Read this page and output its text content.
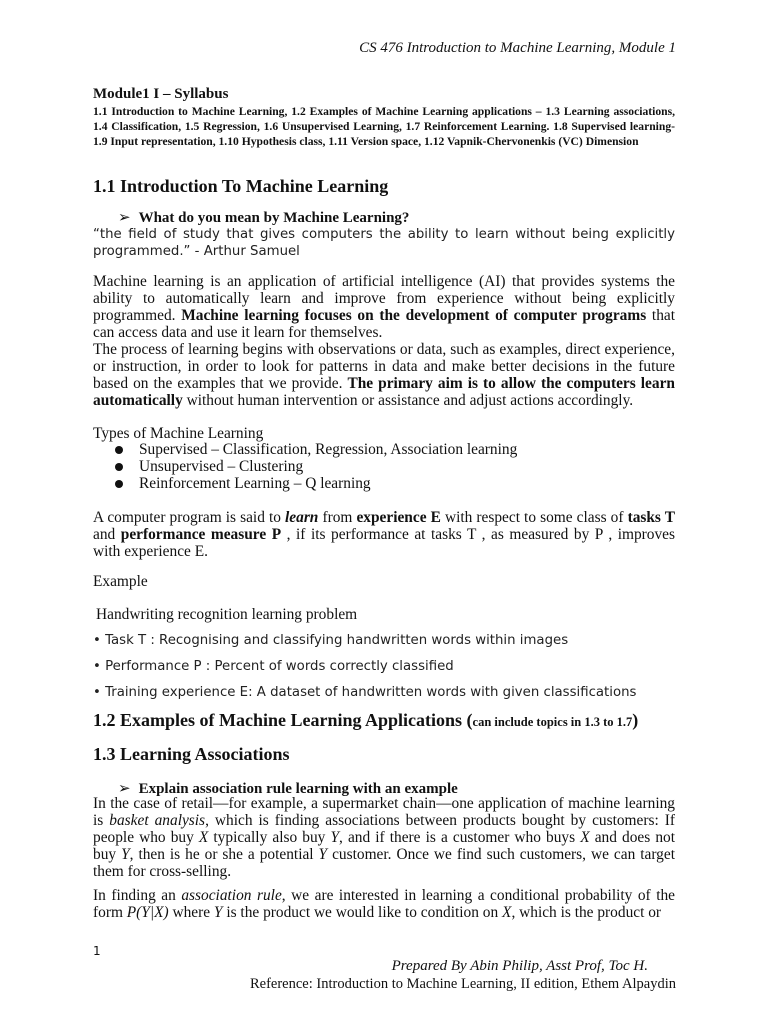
CS 476 Introduction to Machine Learning, Module 1
Module1 I – Syllabus
1.1 Introduction to Machine Learning, 1.2 Examples of Machine Learning applications – 1.3 Learning associations, 1.4 Classification, 1.5 Regression, 1.6 Unsupervised Learning, 1.7 Reinforcement Learning. 1.8 Supervised learning- 1.9 Input representation, 1.10 Hypothesis class, 1.11 Version space, 1.12 Vapnik-Chervonenkis (VC) Dimension
1.1 Introduction To Machine Learning
➢ What do you mean by Machine Learning?
“the field of study that gives computers the ability to learn without being explicitly programmed.” - Arthur Samuel
Machine learning is an application of artificial intelligence (AI) that provides systems the ability to automatically learn and improve from experience without being explicitly programmed. Machine learning focuses on the development of computer programs that can access data and use it learn for themselves.
The process of learning begins with observations or data, such as examples, direct experience, or instruction, in order to look for patterns in data and make better decisions in the future based on the examples that we provide. The primary aim is to allow the computers learn automatically without human intervention or assistance and adjust actions accordingly.
Types of Machine Learning
Supervised – Classification, Regression, Association learning
Unsupervised – Clustering
Reinforcement Learning – Q learning
A computer program is said to learn from experience E with respect to some class of tasks T and performance measure P , if its performance at tasks T , as measured by P , improves with experience E.
Example
Handwriting recognition learning problem
• Task T : Recognising and classifying handwritten words within images
• Performance P : Percent of words correctly classified
• Training experience E: A dataset of handwritten words with given classifications
1.2 Examples of Machine Learning Applications (can include topics in 1.3 to 1.7)
1.3 Learning Associations
➢ Explain association rule learning with an example
In the case of retail—for example, a supermarket chain—one application of machine learning is basket analysis, which is finding associations between products bought by customers: If people who buy X typically also buy Y, and if there is a customer who buys X and does not buy Y, then is he or she a potential Y customer. Once we find such customers, we can target them for cross-selling.
In finding an association rule, we are interested in learning a conditional probability of the form P(Y|X) where Y is the product we would like to condition on X, which is the product or
1
Prepared By Abin Philip, Asst Prof, Toc H.
Reference: Introduction to Machine Learning, II edition, Ethem Alpaydin
